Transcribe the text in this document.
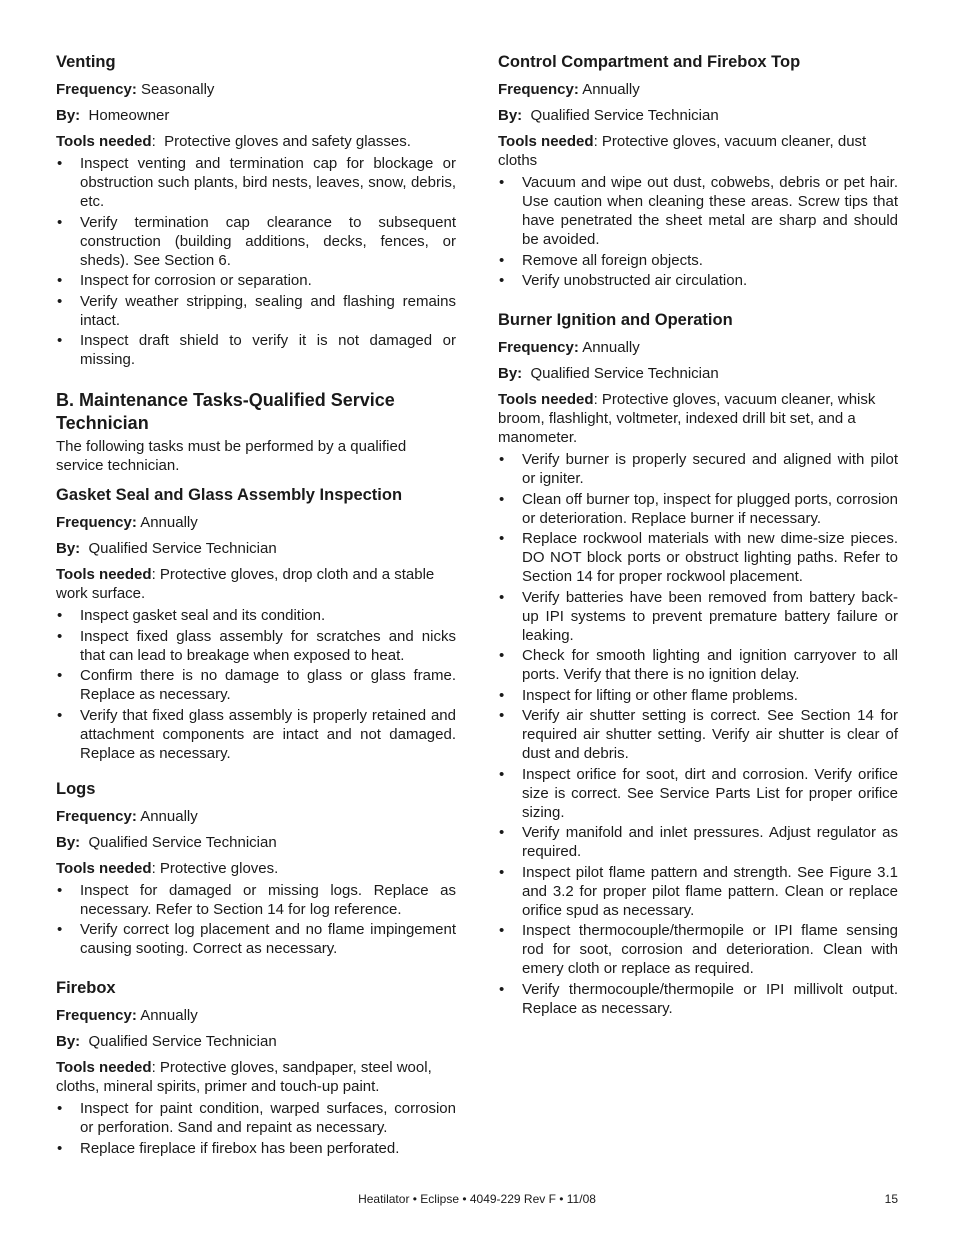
Venting

Frequency: Seasonally

By: Homeowner

Tools needed:  Protective gloves and safety glasses.

• Inspect venting and termination cap for blockage or obstruction such plants, bird nests, leaves, snow, debris, etc.
• Verify termination cap clearance to subsequent construction (building additions, decks, fences, or sheds). See Section 6.
• Inspect for corrosion or separation.
• Verify weather stripping, sealing and flashing remains intact.
• Inspect draft shield to verify it is not damaged or missing.
B. Maintenance Tasks-Qualified Service Technician

The following tasks must be performed by a qualified service technician.

Gasket Seal and Glass Assembly Inspection

Frequency: Annually

By: Qualified Service Technician

Tools needed: Protective gloves, drop cloth and a stable work surface.

• Inspect gasket seal and its condition.
• Inspect fixed glass assembly for scratches and nicks that can lead to breakage when exposed to heat.
• Confirm there is no damage to glass or glass frame. Replace as necessary.
• Verify that fixed glass assembly is properly retained and attachment components are intact and not damaged. Replace as necessary.
Logs

Frequency: Annually

By: Qualified Service Technician

Tools needed: Protective gloves.

• Inspect for damaged or missing logs. Replace as necessary. Refer to Section 14 for log reference.
• Verify correct log placement and no flame impingement causing sooting. Correct as necessary.
Firebox

Frequency: Annually

By: Qualified Service Technician

Tools needed: Protective gloves, sandpaper, steel wool, cloths, mineral spirits, primer and touch-up paint.

• Inspect for paint condition, warped surfaces, corrosion or perforation. Sand and repaint as necessary.
• Replace fireplace if firebox has been perforated.
Control Compartment and Firebox Top

Frequency: Annually

By: Qualified Service Technician

Tools needed: Protective gloves, vacuum cleaner, dust cloths

• Vacuum and wipe out dust, cobwebs, debris or pet hair. Use caution when cleaning these areas. Screw tips that have penetrated the sheet metal are sharp and should be avoided.
• Remove all foreign objects.
• Verify unobstructed air circulation.
Burner Ignition and Operation

Frequency: Annually

By: Qualified Service Technician

Tools needed: Protective gloves, vacuum cleaner, whisk broom, flashlight, voltmeter, indexed drill bit set, and a manometer.

• Verify burner is properly secured and aligned with pilot or igniter.
• Clean off burner top, inspect for plugged ports, corrosion or deterioration. Replace burner if necessary.
• Replace rockwool materials with new dime-size pieces. DO NOT block ports or obstruct lighting paths. Refer to Section 14 for proper rockwool placement.
• Verify batteries have been removed from battery back-up IPI systems to prevent premature battery failure or leaking.
• Check for smooth lighting and ignition carryover to all ports. Verify that there is no ignition delay.
• Inspect for lifting or other flame problems.
• Verify air shutter setting is correct. See Section 14 for required air shutter setting. Verify air shutter is clear of dust and debris.
• Inspect orifice for soot, dirt and corrosion. Verify orifice size is correct. See Service Parts List for proper orifice sizing.
• Verify manifold and inlet pressures. Adjust regulator as required.
• Inspect pilot flame pattern and strength. See Figure 3.1 and 3.2 for proper pilot flame pattern. Clean or replace orifice spud as necessary.
• Inspect thermocouple/thermopile or IPI flame sensing rod for soot, corrosion and deterioration. Clean with emery cloth or replace as required.
• Verify thermocouple/thermopile or IPI millivolt output. Replace as necessary.
Heatilator • Eclipse • 4049-229 Rev F • 11/08	15
